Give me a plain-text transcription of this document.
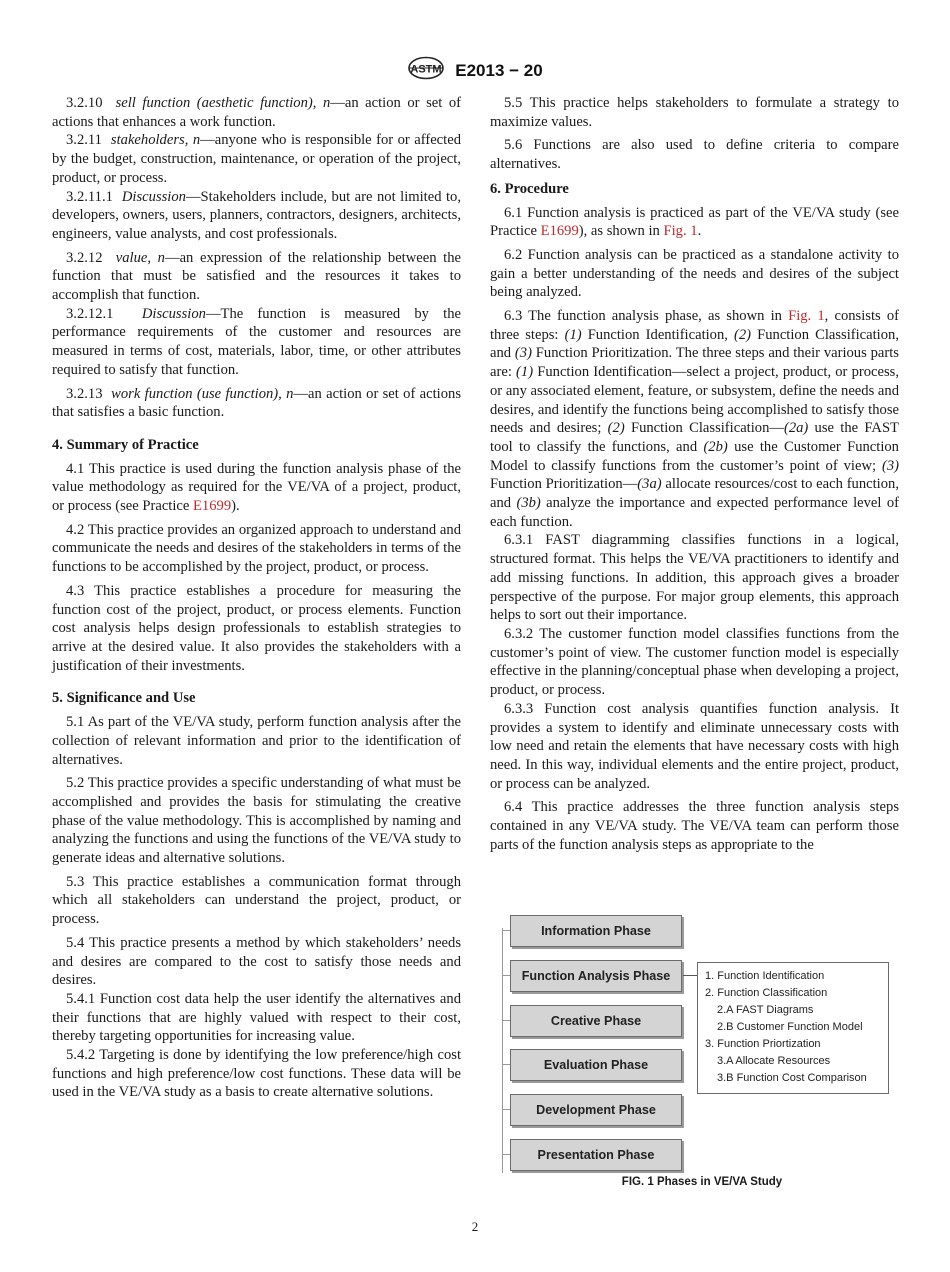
ASTM E2013 − 20

3.2.10 sell function (aesthetic function), n—an action or set of actions that enhances a work function.

3.2.11 stakeholders, n—anyone who is responsible for or affected by the budget, construction, maintenance, or operation of the project, product, or process.

3.2.11.1 Discussion—Stakeholders include, but are not limited to, developers, owners, users, planners, contractors, designers, architects, engineers, value analysts, and cost professionals.

3.2.12 value, n—an expression of the relationship between the function that must be satisfied and the resources it takes to accomplish that function.

3.2.12.1 Discussion—The function is measured by the performance requirements of the customer and resources are measured in terms of cost, materials, labor, time, or other attributes required to satisfy that function.

3.2.13 work function (use function), n—an action or set of actions that satisfies a basic function.

4. Summary of Practice

4.1 This practice is used during the function analysis phase of the value methodology as required for the VE/VA of a project, product, or process (see Practice E1699).

4.2 This practice provides an organized approach to understand and communicate the needs and desires of the stakeholders in terms of the functions to be accomplished by the project, product, or process.

4.3 This practice establishes a procedure for measuring the function cost of the project, product, or process elements. Function cost analysis helps design professionals to establish strategies to arrive at the desired value. It also provides the stakeholders with a justification of their investments.

5. Significance and Use

5.1 As part of the VE/VA study, perform function analysis after the collection of relevant information and prior to the identification of alternatives.

5.2 This practice provides a specific understanding of what must be accomplished and provides the basis for stimulating the creative phase of the value methodology. This is accomplished by naming and analyzing the functions and using the functions of the VE/VA study to generate ideas and alternative solutions.

5.3 This practice establishes a communication format through which all stakeholders can understand the project, product, or process.

5.4 This practice presents a method by which stakeholders’ needs and desires are compared to the cost to satisfy those needs and desires.

5.4.1 Function cost data help the user identify the alternatives and their functions that are highly valued with respect to their cost, thereby targeting opportunities for increasing value.

5.4.2 Targeting is done by identifying the low preference/high cost functions and high preference/low cost functions. These data will be used in the VE/VA study as a basis to create alternative solutions.

5.5 This practice helps stakeholders to formulate a strategy to maximize values.

5.6 Functions are also used to define criteria to compare alternatives.

6. Procedure

6.1 Function analysis is practiced as part of the VE/VA study (see Practice E1699), as shown in Fig. 1.

6.2 Function analysis can be practiced as a standalone activity to gain a better understanding of the needs and desires of the subject being analyzed.

6.3 The function analysis phase, as shown in Fig. 1, consists of three steps: (1) Function Identification, (2) Function Classification, and (3) Function Prioritization. The three steps and their various parts are: (1) Function Identification—select a project, product, or process, or any associated element, feature, or subsystem, define the needs and desires, and identify the functions being accomplished to satisfy those needs and desires; (2) Function Classification—(2a) use the FAST tool to classify the functions, and (2b) use the Customer Function Model to classify functions from the customer’s point of view; (3) Function Prioritization—(3a) allocate resources/cost to each function, and (3b) analyze the importance and expected performance level of each function.

6.3.1 FAST diagramming classifies functions in a logical, structured format. This helps the VE/VA practitioners to identify and add missing functions. In addition, this approach gives a broader perspective of the purpose. For major group elements, this approach helps to sort out their importance.

6.3.2 The customer function model classifies functions from the customer’s point of view. The customer function model is especially effective in the planning/conceptual phase when developing a project, product, or process.

6.3.3 Function cost analysis quantifies function analysis. It provides a system to identify and eliminate unnecessary costs with low need and retain the elements that have necessary costs with high need. In this way, individual elements and the entire project, product, or process can be analyzed.

6.4 This practice addresses the three function analysis steps contained in any VE/VA study. The VE/VA team can perform those parts of the function analysis steps as appropriate to the

Information Phase
Function Analysis Phase
Creative Phase
Evaluation Phase
Development Phase
Presentation Phase
1. Function Identification
2. Function Classification
2.A FAST Diagrams
2.B Customer Function Model
3. Function Priortization
3.A Allocate Resources
3.B Function Cost Comparison
FIG. 1 Phases in VE/VA Study
2
